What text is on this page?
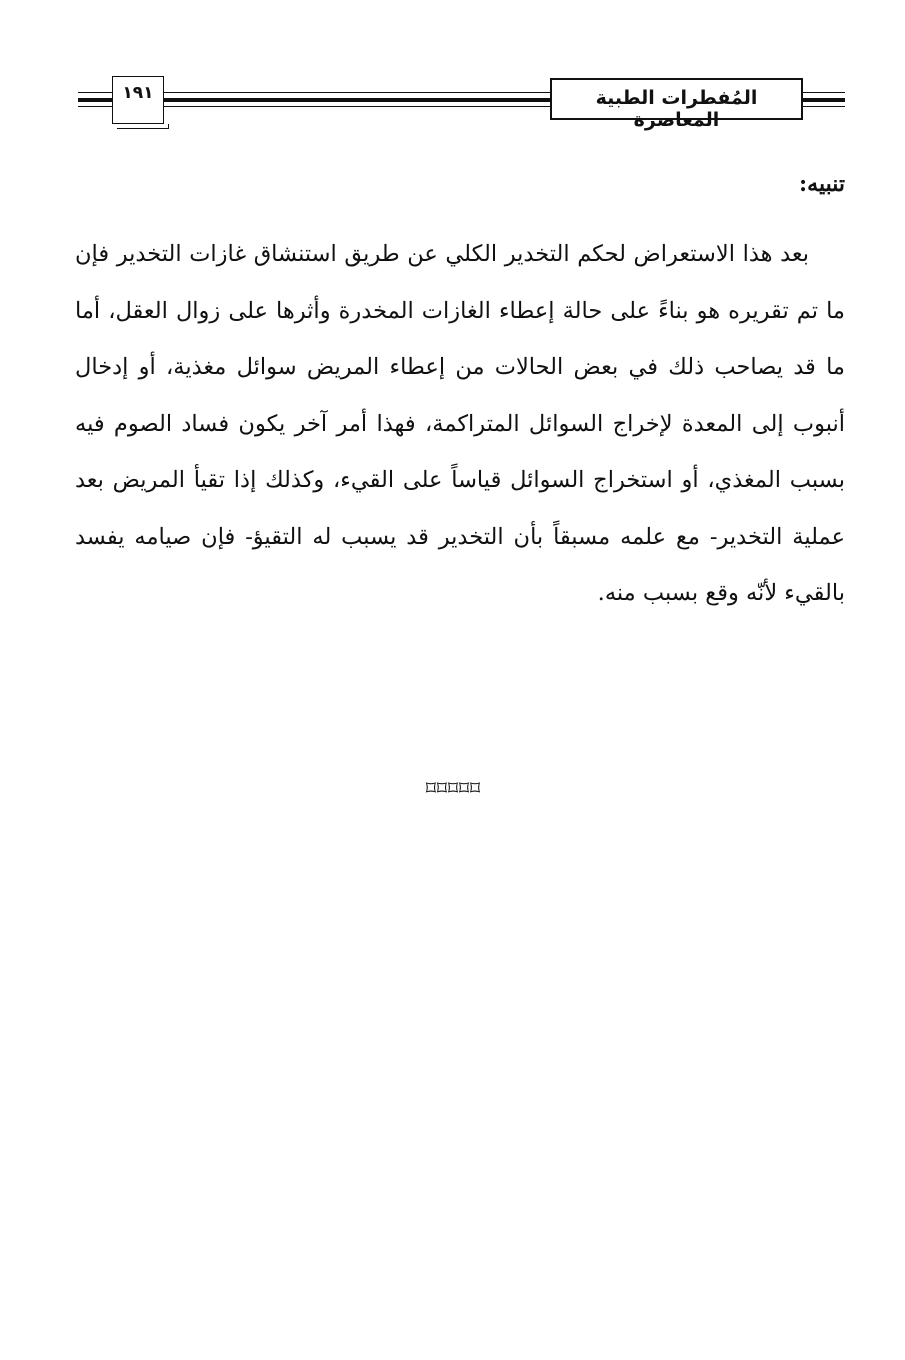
١٩١	المُفطرات الطبية المعاصرة
تنبيه:

بعد هذا الاستعراض لحكم التخدير الكلي عن طريق استنشاق غازات التخدير فإن ما تم تقريره هو بناءً على حالة إعطاء الغازات المخدرة وأثرها على زوال العقل، أما ما قد يصاحب ذلك في بعض الحالات من إعطاء المريض سوائل مغذية، أو إدخال أنبوب إلى المعدة لإخراج السوائل المتراكمة، فهذا أمر آخر يكون فساد الصوم فيه بسبب المغذي، أو استخراج السوائل قياساً على القيء، وكذلك إذا تقيأ المريض بعد عملية التخدير- مع علمه مسبقاً بأن التخدير قد يسبب له التقيؤ- فإن صيامه يفسد بالقيء لأنّه وقع بسبب منه.

⌑⌑⌑⌑⌑
